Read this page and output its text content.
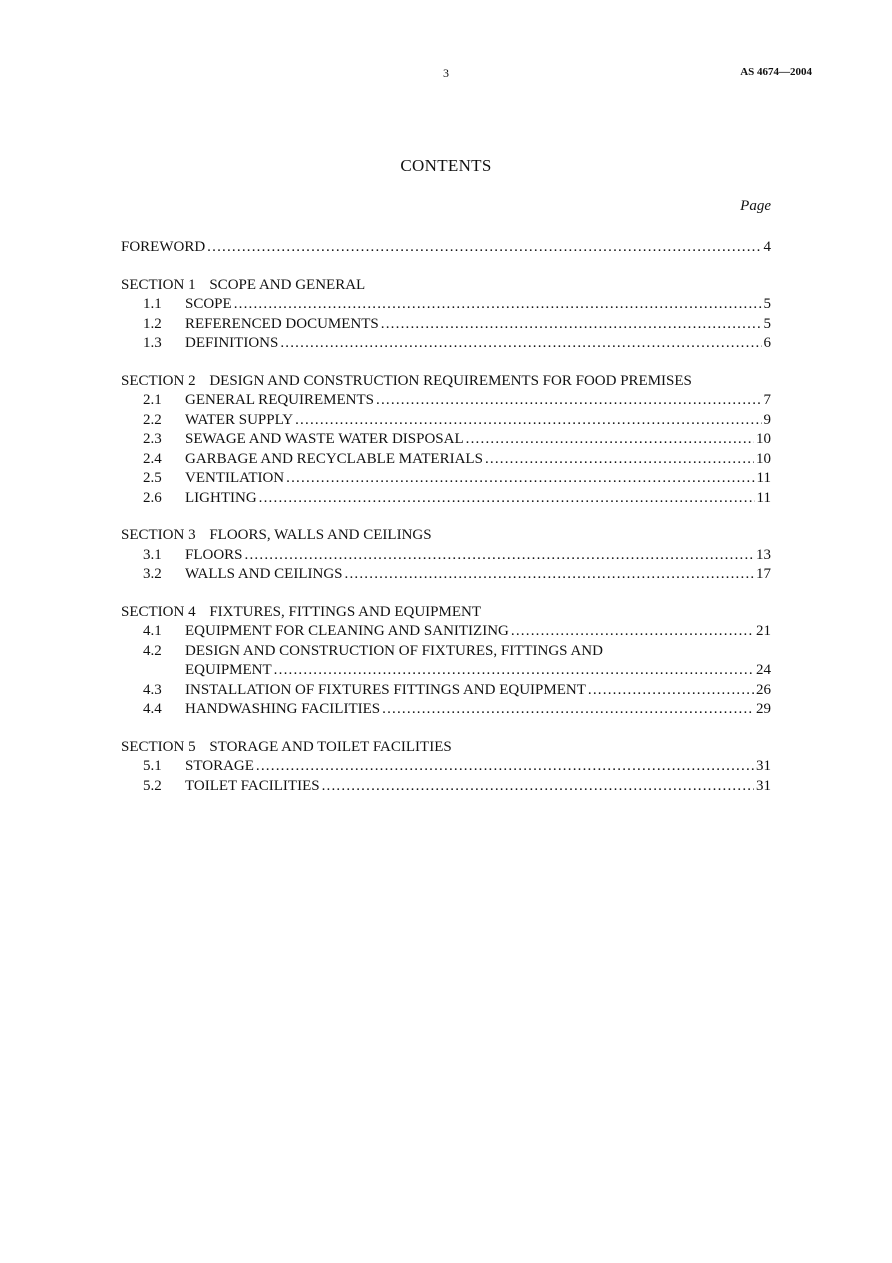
3	AS 4674—2004
CONTENTS
Page
FOREWORD .....	4
SECTION 1 SCOPE AND GENERAL
1.1	SCOPE .....	5
1.2	REFERENCED DOCUMENTS .....	5
1.3	DEFINITIONS .....	6
SECTION 2 DESIGN AND CONSTRUCTION REQUIREMENTS FOR FOOD PREMISES
2.1	GENERAL REQUIREMENTS .....	7
2.2	WATER SUPPLY .....	9
2.3	SEWAGE AND WASTE WATER DISPOSAL .....	10
2.4	GARBAGE AND RECYCLABLE MATERIALS .....	10
2.5	VENTILATION .....	11
2.6	LIGHTING .....	11
SECTION 3 FLOORS, WALLS AND CEILINGS
3.1	FLOORS .....	13
3.2	WALLS AND CEILINGS .....	17
SECTION 4 FIXTURES, FITTINGS AND EQUIPMENT
4.1	EQUIPMENT FOR CLEANING AND SANITIZING .....	21
4.2	DESIGN AND CONSTRUCTION OF FIXTURES, FITTINGS AND
EQUIPMENT .....	24
4.3	INSTALLATION OF FIXTURES FITTINGS AND EQUIPMENT .....	26
4.4	HANDWASHING FACILITIES .....	29
SECTION 5 STORAGE AND TOILET FACILITIES
5.1	STORAGE .....	31
5.2	TOILET FACILITIES .....	31
